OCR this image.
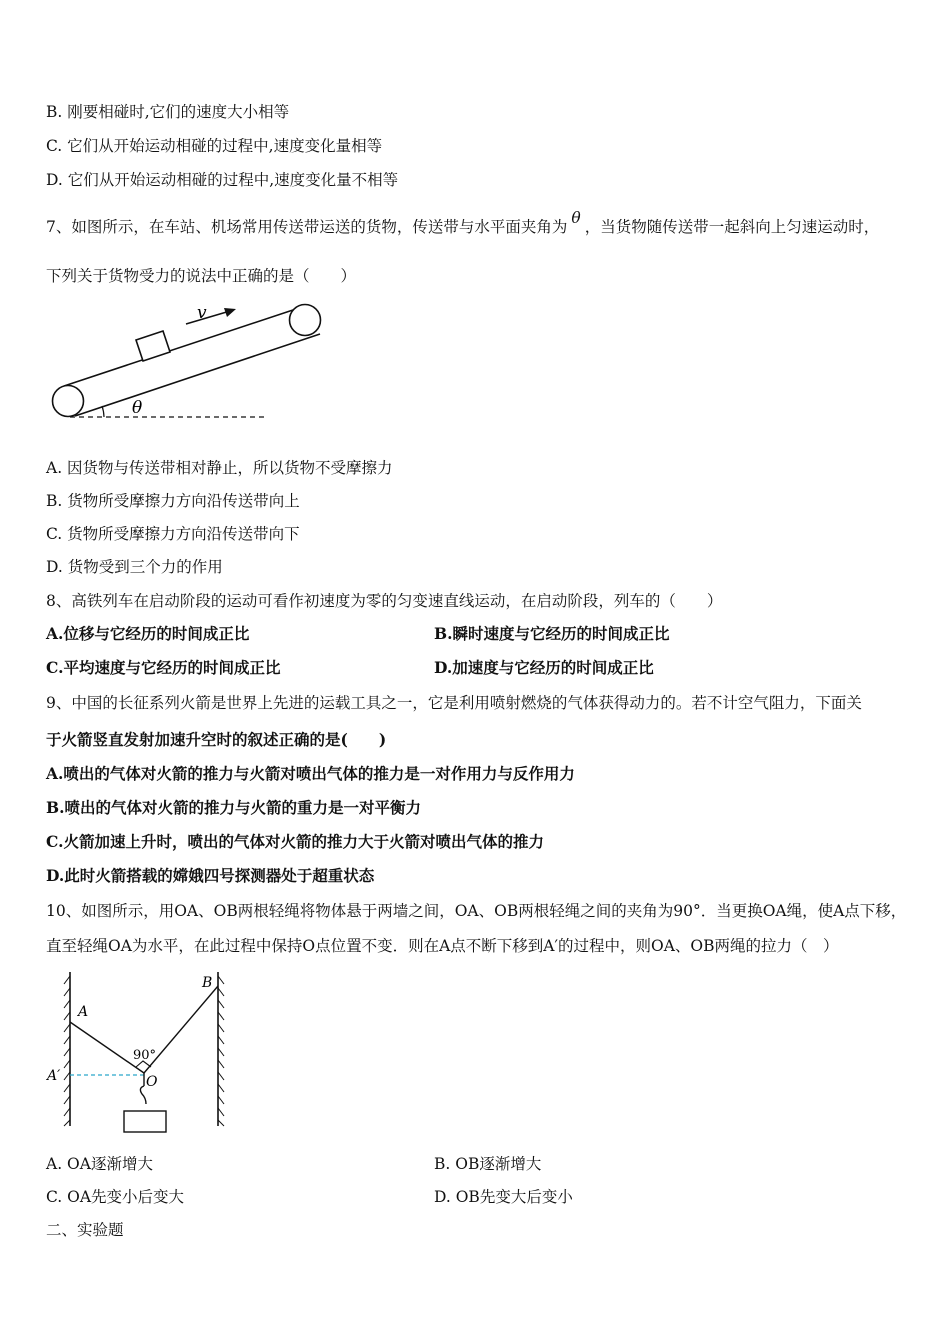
B. 刚要相碰时,它们的速度大小相等
C. 它们从开始运动相碰的过程中,速度变化量相等
D. 它们从开始运动相碰的过程中,速度变化量不相等
7、如图所示，在车站、机场常用传送带运送的货物，传送带与水平面夹角为 θ ，当货物随传送带一起斜向上匀速运动时，
下列关于货物受力的说法中正确的是（　　）
v
θ
A. 因货物与传送带相对静止，所以货物不受摩擦力
B. 货物所受摩擦力方向沿传送带向上
C. 货物所受摩擦力方向沿传送带向下
D. 货物受到三个力的作用
8、高铁列车在启动阶段的运动可看作初速度为零的匀变速直线运动，在启动阶段，列车的（　　）
A.位移与它经历的时间成正比	B.瞬时速度与它经历的时间成正比
C.平均速度与它经历的时间成正比	D.加速度与它经历的时间成正比
9、中国的长征系列火箭是世界上先进的运载工具之一，它是利用喷射燃烧的气体获得动力的。若不计空气阻力，下面关
于火箭竖直发射加速升空时的叙述正确的是(　　)
A.喷出的气体对火箭的推力与火箭对喷出气体的推力是一对作用力与反作用力
B.喷出的气体对火箭的推力与火箭的重力是一对平衡力
C.火箭加速上升时，喷出的气体对火箭的推力大于火箭对喷出气体的推力
D.此时火箭搭载的嫦娥四号探测器处于超重状态
10、如图所示，用OA、OB两根轻绳将物体悬于两墙之间，OA、OB两根轻绳之间的夹角为90°．当更换OA绳，使A点下移，
直至轻绳OA为水平，在此过程中保持O点位置不变．则在A点不断下移到A′的过程中，则OA、OB两绳的拉力（　）
A
B
A′	O
90°
A. OA逐渐增大	B. OB逐渐增大
C. OA先变小后变大	D. OB先变大后变小
二、实验题
